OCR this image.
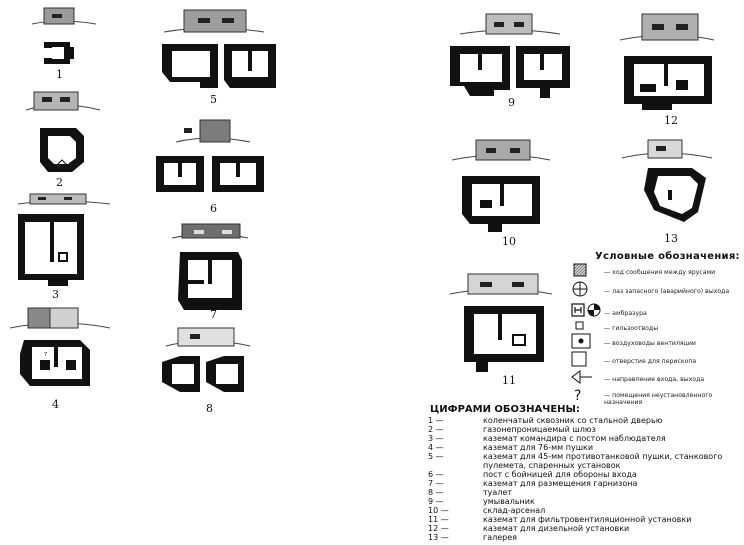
1
2
3
7
4
5
6
7
8
9
10
11
12
13
?
Условные обозначения:
— ход сообщения между ярусами
— лаз запасного (аварийного) выхода
— амбразура
— гильзоотводы
— воздуховоды вентиляции
— отверстие для перископа
— направление входа, выхода
— помещения неустановленного назначения
ЦИФРАМИ ОБОЗНАЧЕНЫ:
1 —	коленчатый сквозник со стальной дверью
2 —	газонепроницаемый шлюз
3 —	каземат командира с постом наблюдателя
4 —	каземат для 76-мм пушки
5 —	каземат для 45-мм противотанковой пушки, станкового пулемета, спаренных установок
6 —	пост с бойницей для обороны входа
7 —	каземат для размещения гарнизона
8 —	туалет
9 —	умывальник
10 —	склад-арсенал
11 —	каземат для фильтровентиляционной установки
12 —	каземат для дизельной установки
13 —	галерея
